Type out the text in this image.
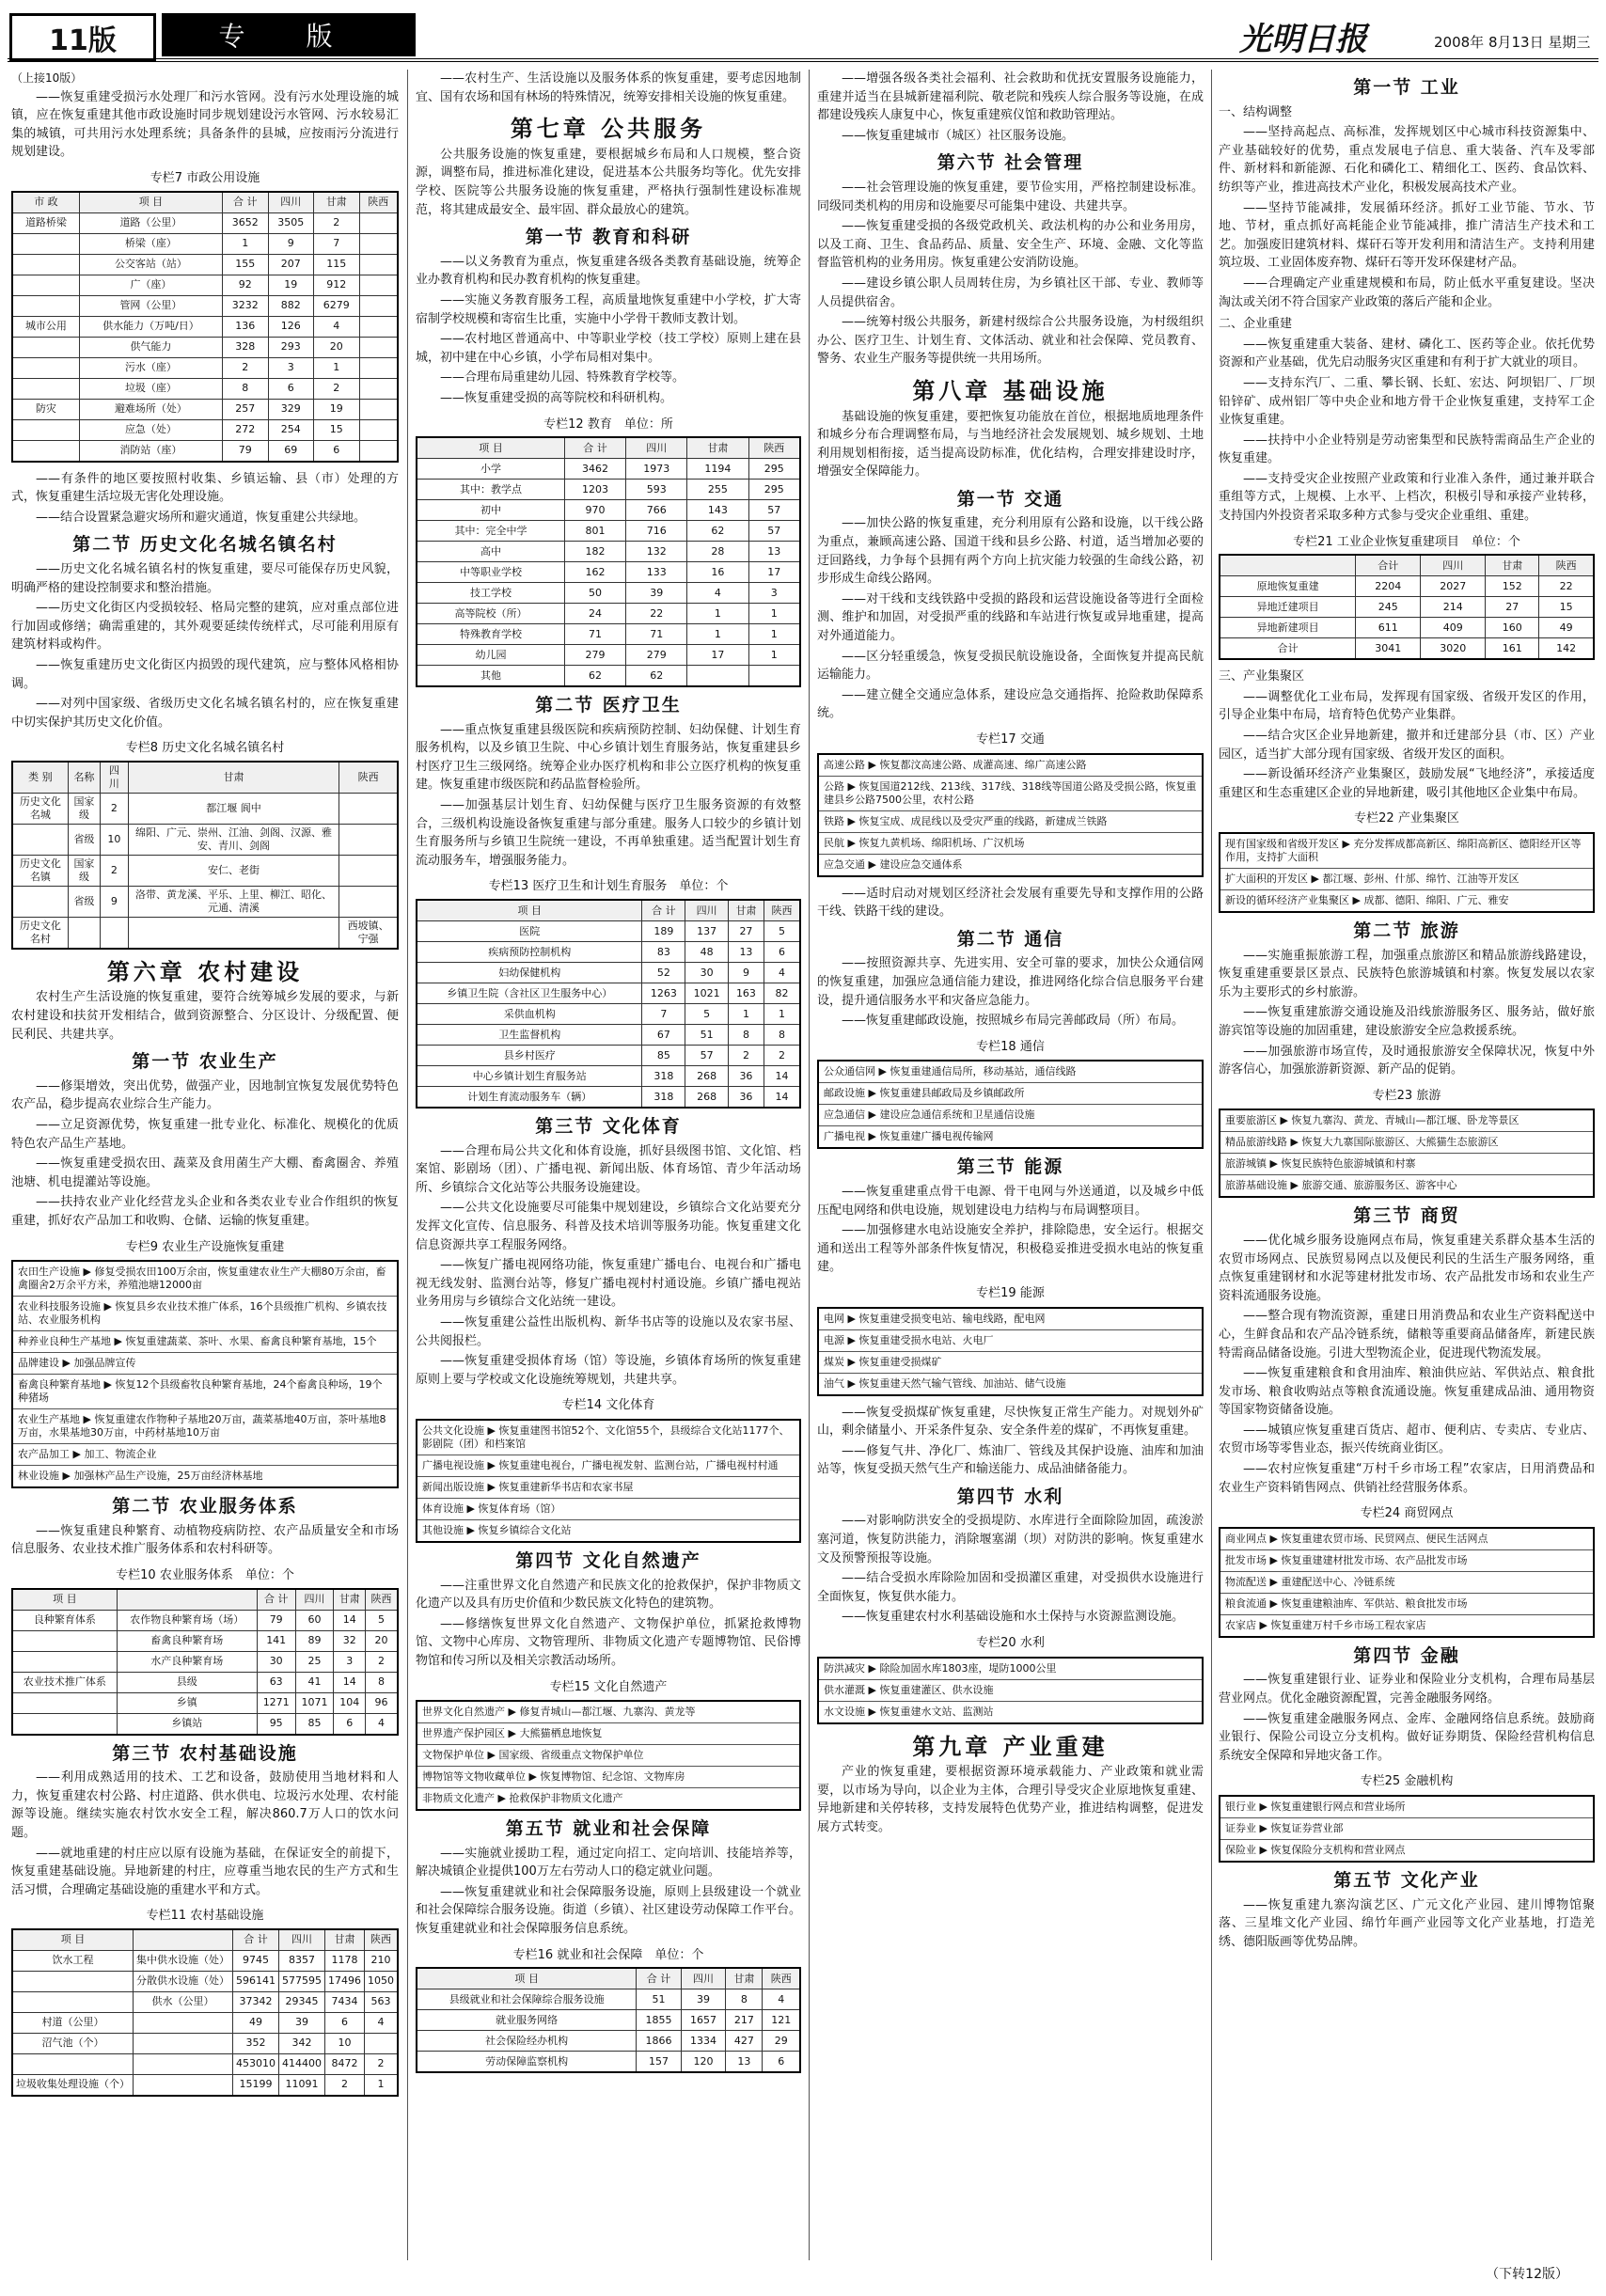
11版	专 版	光明日报	2008年 8月13日 星期三
（上接10版）

——恢复重建受损污水处理厂和污水管网。没有污水处理设施的城镇，应在恢复重建其他市政设施时同步规划建设污水管网、污水较易汇集的城镇，可共用污水处理系统；具备条件的县城，应按雨污分流进行规划建设。

专栏7 市政公用设施
市 政	项 目	合 计	四川	甘肃	陕西
道路桥梁	道路（公里）	3652	3505	2	
	桥梁（座）	1	9	7	
	公交客站（站）	155	207	115	
	广（座）	92	19	912	
	管网（公里）	3232	882	6279	
城市公用	供水能力（万吨/日）	136	126	4	
	供气能力	328	293	20	
	污水（座）	2	3	1	
	垃圾（座）	8	6	2	
防灾	避难场所（处）	257	329	19	
	应急（处）	272	254	15	
	消防站（座）	79	69	6	

——有条件的地区要按照村收集、乡镇运输、县（市）处理的方式，恢复重建生活垃圾无害化处理设施。

——结合设置紧急避灾场所和避灾通道，恢复重建公共绿地。

第二节 历史文化名城名镇名村

——历史文化名城名镇名村的恢复重建，要尽可能保存历史风貌，明确严格的建设控制要求和整治措施。

——历史文化街区内受损较轻、格局完整的建筑，应对重点部位进行加固或修缮；确需重建的，其外观要延续传统样式，尽可能利用原有建筑材料或构件。

——恢复重建历史文化街区内损毁的现代建筑，应与整体风格相协调。

——对列中国家级、省级历史文化名城名镇名村的，应在恢复重建中切实保护其历史文化价值。

专栏8 历史文化名城名镇名村
类 别	名称	四 川	甘肃	陕西
历史文化名城	国家级	2	都江堰 阆中	
	省级	10	绵阳、广元、崇州、江油、剑阁、汉源、雅安、青川、剑阁	
历史文化名镇	国家级	2	安仁、老街	
	省级	9	洛带、黄龙溪、平乐、上里、柳江、昭化、元通、清溪	
历史文化名村				西坡镇、宁强
第六章 农村建设

农村生产生活设施的恢复重建，要符合统筹城乡发展的要求，与新农村建设和扶贫开发相结合，做到资源整合、分区设计、分级配置、便民利民、共建共享。

第一节 农业生产

——修渠增效，突出优势，做强产业，因地制宜恢复发展优势特色农产品，稳步提高农业综合生产能力。

——立足资源优势，恢复重建一批专业化、标准化、规模化的优质特色农产品生产基地。

——恢复重建受损农田、蔬菜及食用菌生产大棚、畜禽圈舍、养殖池塘、机电提灌站等设施。

——扶持农业产业化经营龙头企业和各类农业专业合作组织的恢复重建，抓好农产品加工和收购、仓储、运输的恢复重建。

专栏9 农业生产设施恢复重建
农田生产设施 ▶ 修复受损农田100万余亩，恢复重建农业生产大棚80万余亩，畜禽圈舍2万余平方米，养殖池塘12000亩
农业科技服务设施 ▶ 恢复县乡农业技术推广体系，16个县级推广机构、乡镇农技站、农业服务机构
种养业良种生产基地 ▶ 恢复重建蔬菜、茶叶、水果、畜禽良种繁育基地，15个
品牌建设 ▶ 加强品牌宣传
畜禽良种繁育基地 ▶ 恢复12个县级畜牧良种繁育基地，24个畜禽良种场，19个种猪场
农业生产基地 ▶ 恢复重建农作物种子基地20万亩，蔬菜基地40万亩，茶叶基地8万亩，水果基地30万亩，中药材基地10万亩
农产品加工 ▶ 加工、物流企业
林业设施 ▶ 加强林产品生产设施，25万亩经济林基地
第二节 农业服务体系

——恢复重建良种繁育、动植物疫病防控、农产品质量安全和市场信息服务、农业技术推广服务体系和农村科研等。

专栏10 农业服务体系　 单位：个
项 目		合 计	四川	甘肃	陕西
良种繁育体系	农作物良种繁育场（场）	79	60	14	5
	畜禽良种繁育场	141	89	32	20
	水产良种繁育场	30	25	3	2
农业技术推广体系	县级	63	41	14	8
	乡镇	1271	1071	104	96
	乡镇站	95	85	6	4
第三节 农村基础设施

——利用成熟适用的技术、工艺和设备，鼓励使用当地材料和人力，恢复重建农村公路、村庄道路、供水供电、垃圾污水处理、农村能源等设施。继续实施农村饮水安全工程，解决860.7万人口的饮水问题。

——就地重建的村庄应以原有设施为基础，在保证安全的前提下，恢复重建基础设施。异地新建的村庄，应尊重当地农民的生产方式和生活习惯，合理确定基础设施的重建水平和方式。

专栏11 农村基础设施
项 目		合 计	四川	甘肃	陕西
饮水工程	集中供水设施（处）	9745	8357	1178	210
	分散供水设施（处）	596141	577595	17496	1050
	供水（公里）	37342	29345	7434	563
村道（公里）		49	39	6	4
沼气池（个）		352	342	10	
		453010	414400	8472	2
垃圾收集处理设施（个）		15199	11091	2	1

——农村生产、生活设施以及服务体系的恢复重建，要考虑因地制宜、国有农场和国有林场的特殊情况，统筹安排相关设施的恢复重建。

第七章 公共服务

公共服务设施的恢复重建，要根据城乡布局和人口规模，整合资源，调整布局，推进标准化建设，促进基本公共服务均等化。优先安排学校、医院等公共服务设施的恢复重建，严格执行强制性建设标准规范，将其建成最安全、最牢固、群众最放心的建筑。

第一节 教育和科研

——以义务教育为重点，恢复重建各级各类教育基础设施，统筹企业办教育机构和民办教育机构的恢复重建。

——实施义务教育服务工程，高质量地恢复重建中小学校，扩大寄宿制学校规模和寄宿生比重，实施中小学骨干教师支教计划。

——农村地区普通高中、中等职业学校（技工学校）原则上建在县城，初中建在中心乡镇，小学布局相对集中。

——合理布局重建幼儿园、特殊教育学校等。

——恢复重建受损的高等院校和科研机构。

专栏12 教育　 单位：所
项 目	合 计	四川	甘肃	陕西
小学	3462	1973	1194	295
其中：教学点	1203	593	255	295
初中	970	766	143	57
其中：完全中学	801	716	62	57
高中	182	132	28	13
中等职业学校	162	133	16	17
技工学校	50	39	4	3
高等院校（所）	24	22	1	1
特殊教育学校	71	71	1	1
幼儿园	279	279	17	1
其他	62	62		
第二节 医疗卫生

——重点恢复重建县级医院和疾病预防控制、妇幼保健、计划生育服务机构，以及乡镇卫生院、中心乡镇计划生育服务站，恢复重建县乡村医疗卫生三级网络。统筹企业办医疗机构和非公立医疗机构的恢复重建。恢复重建市级医院和药品监督检验所。

——加强基层计划生育、妇幼保健与医疗卫生服务资源的有效整合，三级机构设施设备恢复重建与部分重建。服务人口较少的乡镇计划生育服务所与乡镇卫生院统一建设，不再单独重建。适当配置计划生育流动服务车，增强服务能力。

专栏13 医疗卫生和计划生育服务　 单位：个
项 目	合 计	四川	甘肃	陕西
医院	189	137	27	5
疾病预防控制机构	83	48	13	6
妇幼保健机构	52	30	9	4
乡镇卫生院（含社区卫生服务中心）	1263	1021	163	82
采供血机构	7	5	1	1
卫生监督机构	67	51	8	8
县乡村医疗	85	57	2	2
中心乡镇计划生育服务站	318	268	36	14
计划生育流动服务车（辆）	318	268	36	14
第三节 文化体育

——合理布局公共文化和体育设施，抓好县级图书馆、文化馆、档案馆、影剧场（团）、广播电视、新闻出版、体育场馆、青少年活动场所、乡镇综合文化站等公共服务设施建设。

——公共文化设施要尽可能集中规划建设，乡镇综合文化站要充分发挥文化宣传、信息服务、科普及技术培训等服务功能。恢复重建文化信息资源共享工程服务网络。

——恢复广播电视网络功能，恢复重建广播电台、电视台和广播电视无线发射、监测台站等，修复广播电视村村通设施。乡镇广播电视站业务用房与乡镇综合文化站统一建设。

——恢复重建公益性出版机构、新华书店等的设施以及农家书屋、公共阅报栏。

——恢复重建受损体育场（馆）等设施，乡镇体育场所的恢复重建原则上要与学校或文化设施统筹规划，共建共享。

专栏14 文化体育
公共文化设施 ▶ 恢复重建图书馆52个、文化馆55个，县级综合文化站1177个、影剧院（团）和档案馆
广播电视设施 ▶ 恢复重建电视台，广播电视发射、监测台站，广播电视村村通
新闻出版设施 ▶ 恢复重建新华书店和农家书屋
体育设施 ▶ 恢复体育场（馆）
其他设施 ▶ 恢复乡镇综合文化站
第四节 文化自然遗产

——注重世界文化自然遗产和民族文化的抢救保护，保护非物质文化遗产以及具有历史价值和少数民族文化特色的建筑物。

——修缮恢复世界文化自然遗产、文物保护单位，抓紧抢救博物馆、文物中心库房、文物管理所、非物质文化遗产专题博物馆、民俗博物馆和传习所以及相关宗教活动场所。

专栏15 文化自然遗产
世界文化自然遗产 ▶ 修复青城山—都江堰、九寨沟、黄龙等
世界遗产保护园区 ▶ 大熊猫栖息地恢复
文物保护单位 ▶ 国家级、省级重点文物保护单位
博物馆等文物收藏单位 ▶ 恢复博物馆、纪念馆、文物库房
非物质文化遗产 ▶ 抢救保护非物质文化遗产
第五节 就业和社会保障

——实施就业援助工程，通过定向招工、定向培训、技能培养等，解决城镇企业提供100万左右劳动人口的稳定就业问题。

——恢复重建就业和社会保障服务设施，原则上县级建设一个就业和社会保障综合服务设施。街道（乡镇）、社区建设劳动保障工作平台。恢复重建就业和社会保障服务信息系统。

专栏16 就业和社会保障　 单位：个
项 目	合 计	四川	甘肃	陕西
县级就业和社会保障综合服务设施	51	39	8	4
就业服务网络	1855	1657	217	121
社会保险经办机构	1866	1334	427	29
劳动保障监察机构	157	120	13	6

——增强各级各类社会福利、社会救助和优抚安置服务设施能力，重建并适当在县城新建福利院、敬老院和残疾人综合服务等设施，在成都建设残疾人康复中心，恢复重建殡仪馆和救助管理站。

——恢复重建城市（城区）社区服务设施。

第六节 社会管理

——社会管理设施的恢复重建，要节俭实用，严格控制建设标准。同级同类机构的用房和设施要尽可能集中建设、共建共享。

——恢复重建受损的各级党政机关、政法机构的办公和业务用房，以及工商、卫生、食品药品、质量、安全生产、环境、金融、文化等监督监管机构的业务用房。恢复重建公安消防设施。

——建设乡镇公职人员周转住房，为乡镇社区干部、专业、教师等人员提供宿舍。

——统筹村级公共服务，新建村级综合公共服务设施，为村级组织办公、医疗卫生、计划生育、文体活动、就业和社会保障、党员教育、警务、农业生产服务等提供统一共用场所。

第八章 基础设施

基础设施的恢复重建，要把恢复功能放在首位，根据地质地理条件和城乡分布合理调整布局，与当地经济社会发展规划、城乡规划、土地利用规划相衔接，适当提高设防标准，优化结构，合理安排建设时序，增强安全保障能力。

第一节 交通

——加快公路的恢复重建，充分利用原有公路和设施，以干线公路为重点，兼顾高速公路、国道干线和县乡公路、村道，适当增加必要的迂回路线，力争每个县拥有两个方向上抗灾能力较强的生命线公路，初步形成生命线公路网。

——对干线和支线铁路中受损的路段和运营设施设备等进行全面检测、维护和加固，对受损严重的线路和车站进行恢复或异地重建，提高对外通道能力。

——区分轻重缓急，恢复受损民航设施设备，全面恢复并提高民航运输能力。

——建立健全交通应急体系，建设应急交通指挥、抢险救助保障系统。

专栏17 交通
高速公路 ▶ 恢复都汶高速公路、成灌高速、绵广高速公路
公路 ▶ 恢复国道212线、213线、317线、318线等国道公路及受损公路，恢复重建县乡公路7500公里，农村公路
铁路 ▶ 恢复宝成、成昆线以及受灾严重的线路，新建成兰铁路
民航 ▶ 恢复九黄机场、绵阳机场、广汉机场
应急交通 ▶ 建设应急交通体系

——适时启动对规划区经济社会发展有重要先导和支撑作用的公路干线、铁路干线的建设。

第二节 通信

——按照资源共享、先进实用、安全可靠的要求，加快公众通信网的恢复重建，加强应急通信能力建设，推进网络化综合信息服务平台建设，提升通信服务水平和灾备应急能力。

——恢复重建邮政设施，按照城乡布局完善邮政局（所）布局。

专栏18 通信
公众通信网 ▶ 恢复重建通信局所，移动基站，通信线路
邮政设施 ▶ 恢复重建县邮政局及乡镇邮政所
应急通信 ▶ 建设应急通信系统和卫星通信设施
广播电视 ▶ 恢复重建广播电视传输网
第三节 能源

——恢复重建重点骨干电源、骨干电网与外送通道，以及城乡中低压配电网络和供电设施，规划建设电力结构与布局调整项目。

——加强修建水电站设施安全养护，排除隐患，安全运行。根据交通和送出工程等外部条件恢复情况，积极稳妥推进受损水电站的恢复重建。

专栏19 能源
电网 ▶ 恢复重建受损变电站、输电线路，配电网
电源 ▶ 恢复重建受损水电站、火电厂
煤炭 ▶ 恢复重建受损煤矿
油气 ▶ 恢复重建天然气输气管线、加油站、储气设施

——恢复受损煤矿恢复重建，尽快恢复正常生产能力。对规划外矿山，剩余储量小、开采条件复杂、安全条件差的煤矿，不再恢复重建。

——修复气井、净化厂、炼油厂、管线及其保护设施、油库和加油站等，恢复受损天然气生产和输送能力、成品油储备能力。

第四节 水利

——对影响防洪安全的受损堤防、水库进行全面除险加固，疏浚淤塞河道，恢复防洪能力，消除堰塞湖（坝）对防洪的影响。恢复重建水文及预警预报等设施。

——结合受损水库除险加固和受损灌区重建，对受损供水设施进行全面恢复，恢复供水能力。

——恢复重建农村水利基础设施和水土保持与水资源监测设施。

专栏20 水利
防洪减灾 ▶ 除险加固水库1803座，堤防1000公里
供水灌溉 ▶ 恢复重建灌区、供水设施
水文设施 ▶ 恢复重建水文站、监测站
第九章 产业重建

产业的恢复重建，要根据资源环境承载能力、产业政策和就业需要，以市场为导向，以企业为主体，合理引导受灾企业原地恢复重建、异地新建和关停转移，支持发展特色优势产业，推进结构调整，促进发展方式转变。

第一节 工业
一、结构调整

——坚持高起点、高标准，发挥规划区中心城市科技资源集中、产业基础较好的优势，重点发展电子信息、重大装备、汽车及零部件、新材料和新能源、石化和磷化工、精细化工、医药、食品饮料、纺织等产业，推进高技术产业化，积极发展高技术产业。

——坚持节能减排，发展循环经济。抓好工业节能、节水、节地、节材，重点抓好高耗能企业节能减排，推广清洁生产技术和工艺。加强废旧建筑材料、煤矸石等开发利用和清洁生产。支持利用建筑垃圾、工业固体废弃物、煤矸石等开发环保建材产品。

——合理确定产业重建规模和布局，防止低水平重复建设。坚决淘汰或关闭不符合国家产业政策的落后产能和企业。

二、企业重建

——恢复重建重大装备、建材、磷化工、医药等企业。依托优势资源和产业基础，优先启动服务灾区重建和有利于扩大就业的项目。

——支持东汽厂、二重、攀长钢、长虹、宏达、阿坝铝厂、厂坝铅锌矿、成州铝厂等中央企业和地方骨干企业恢复重建，支持军工企业恢复重建。

——扶持中小企业特别是劳动密集型和民族特需商品生产企业的恢复重建。

——支持受灾企业按照产业政策和行业准入条件，通过兼并联合重组等方式，上规模、上水平、上档次，积极引导和承接产业转移，支持国内外投资者采取多种方式参与受灾企业重组、重建。

专栏21 工业企业恢复重建项目　 单位：个
	合计	四川	甘肃	陕西
原地恢复重建	2204	2027	152	22
异地迁建项目	245	214	27	15
异地新建项目	611	409	160	49
合计	3041	3020	161	142
三、产业集聚区

——调整优化工业布局，发挥现有国家级、省级开发区的作用，引导企业集中布局，培育特色优势产业集群。

——结合灾区企业异地新建，撤并和迁建部分县（市、区）产业园区，适当扩大部分现有国家级、省级开发区的面积。

——新设循环经济产业集聚区，鼓励发展“飞地经济”，承接适度重建区和生态重建区企业的异地新建，吸引其他地区企业集中布局。

专栏22 产业集聚区
现有国家级和省级开发区 ▶ 充分发挥成都高新区、绵阳高新区、德阳经开区等作用，支持扩大面积
扩大面积的开发区 ▶ 都江堰、彭州、什邡、绵竹、江油等开发区
新设的循环经济产业集聚区 ▶ 成都、德阳、绵阳、广元、雅安
第二节 旅游

——实施重振旅游工程，加强重点旅游区和精品旅游线路建设，恢复重建重要景区景点、民族特色旅游城镇和村寨。恢复发展以农家乐为主要形式的乡村旅游。

——恢复重建旅游交通设施及沿线旅游服务区、服务站，做好旅游宾馆等设施的加固重建，建设旅游安全应急救援系统。

——加强旅游市场宣传，及时通报旅游安全保障状况，恢复中外游客信心，加强旅游新资源、新产品的促销。

专栏23 旅游
重要旅游区 ▶ 恢复九寨沟、黄龙、青城山—都江堰、卧龙等景区
精品旅游线路 ▶ 恢复大九寨国际旅游区、大熊猫生态旅游区
旅游城镇 ▶ 恢复民族特色旅游城镇和村寨
旅游基础设施 ▶ 旅游交通、旅游服务区、游客中心
第三节 商贸

——优化城乡服务设施网点布局，恢复重建关系群众基本生活的农贸市场网点、民族贸易网点以及便民利民的生活生产服务网络，重点恢复重建钢材和水泥等建材批发市场、农产品批发市场和农业生产资料流通服务设施。

——整合现有物流资源，重建日用消费品和农业生产资料配送中心，生鲜食品和农产品冷链系统，储粮等重要商品储备库，新建民族特需商品储备设施。引进大型物流企业，促进现代物流发展。

——恢复重建粮食和食用油库、粮油供应站、军供站点、粮食批发市场、粮食收购站点等粮食流通设施。恢复重建成品油、通用物资等国家物资储备设施。

——城镇应恢复重建百货店、超市、便利店、专卖店、专业店、农贸市场等零售业态，振兴传统商业街区。

——农村应恢复重建“万村千乡市场工程”农家店，日用消费品和农业生产资料销售网点、供销社经营服务体系。

专栏24 商贸网点
商业网点 ▶ 恢复重建农贸市场、民贸网点、便民生活网点
批发市场 ▶ 恢复重建建材批发市场、农产品批发市场
物流配送 ▶ 重建配送中心、冷链系统
粮食流通 ▶ 恢复重建粮油库、军供站、粮食批发市场
农家店 ▶ 恢复重建万村千乡市场工程农家店
第四节 金融

——恢复重建银行业、证券业和保险业分支机构，合理布局基层营业网点。优化金融资源配置，完善金融服务网络。

——恢复重建金融服务网点、金库、金融网络信息系统。鼓励商业银行、保险公司设立分支机构。做好证券期货、保险经营机构信息系统安全保障和异地灾备工作。

专栏25 金融机构
银行业 ▶ 恢复重建银行网点和营业场所
证券业 ▶ 恢复证券营业部
保险业 ▶ 恢复保险分支机构和营业网点
第五节 文化产业

——恢复重建九寨沟演艺区、广元文化产业园、建川博物馆聚落、三星堆文化产业园、绵竹年画产业园等文化产业基地，打造羌绣、德阳版画等优势品牌。

（下转12版）
